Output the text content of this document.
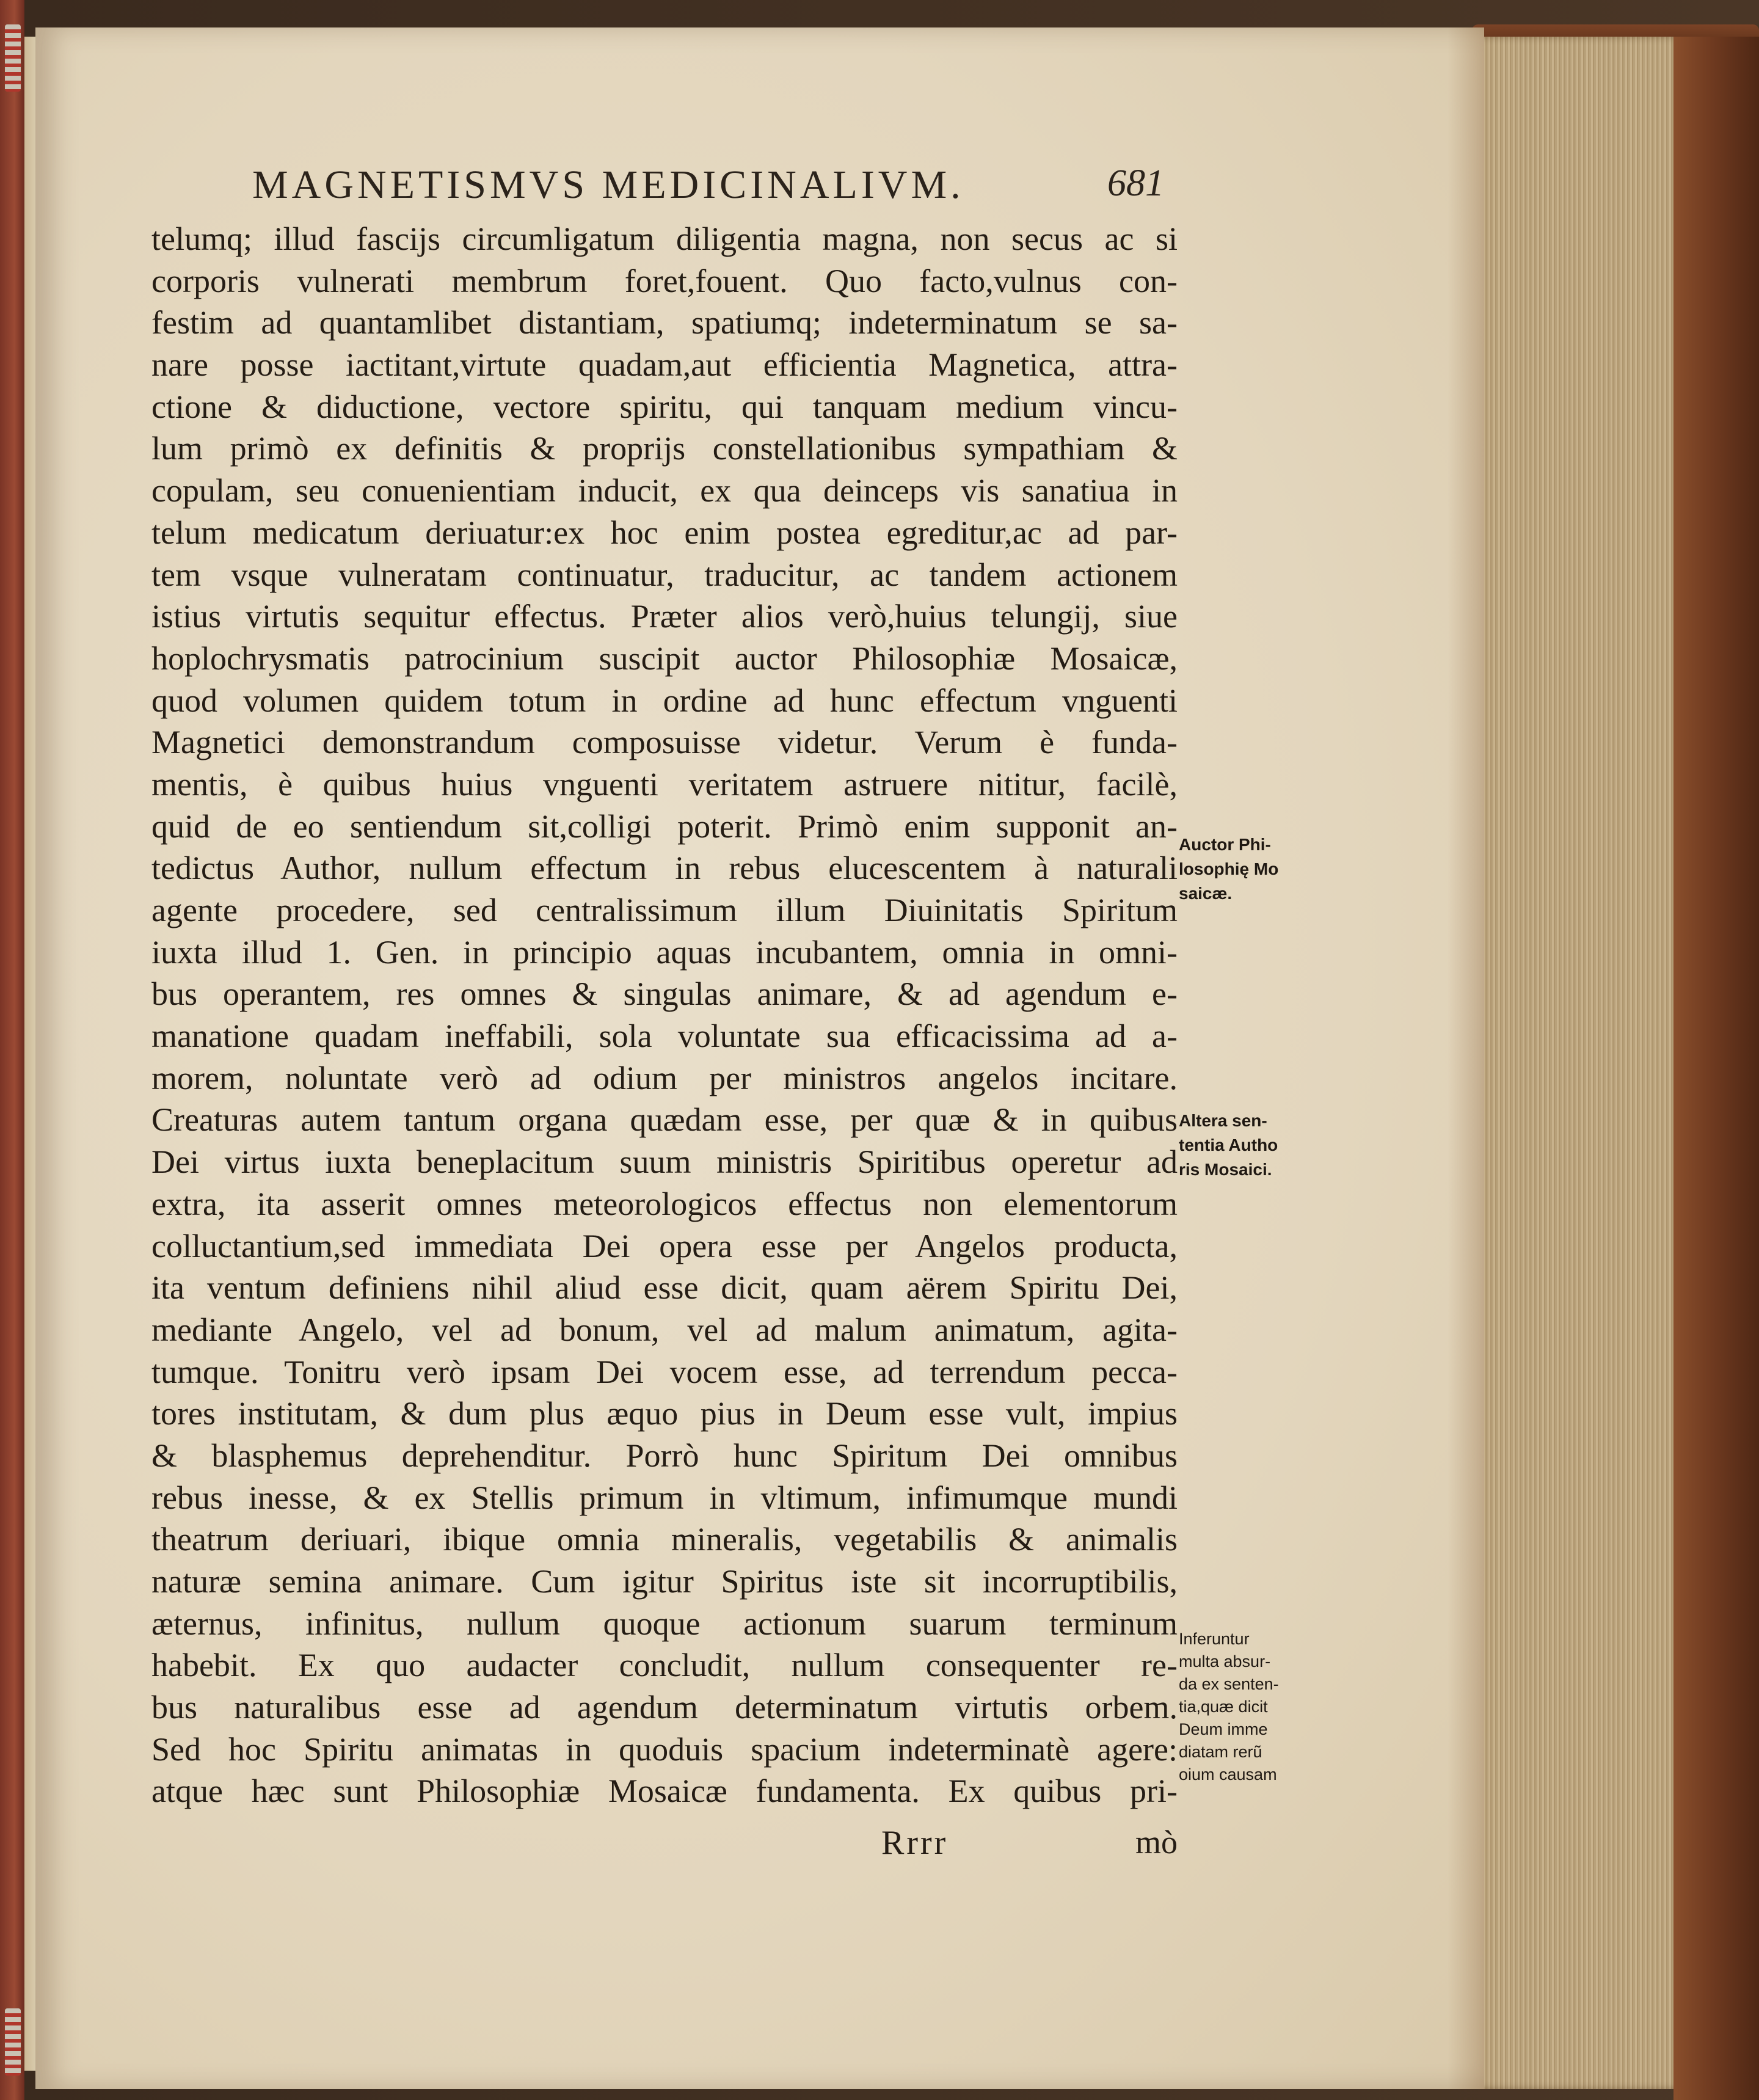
MAGNETISMVS MEDICINALIVM.	681
telumq; illud fascijs circumligatum diligentia magna, non secus ac si
corporis vulnerati membrum foret,fouent. Quo facto,vulnus con-
festim ad quantamlibet distantiam, spatiumq; indeterminatum se sa-
nare posse iactitant,virtute quadam,aut efficientia Magnetica, attra-
ctione & diductione, vectore spiritu, qui tanquam medium vincu-
lum primò ex definitis & proprijs constellationibus sympathiam &
copulam, seu conuenientiam inducit, ex qua deinceps vis sanatiua in
telum medicatum deriuatur:ex hoc enim postea egreditur,ac ad par-
tem vsque vulneratam continuatur, traducitur, ac tandem actionem
istius virtutis sequitur effectus. Præter alios verò,huius telungij, siue
hoplochrysmatis patrocinium suscipit auctor Philosophiæ Mosaicæ,
quod volumen quidem totum in ordine ad hunc effectum vnguenti
Magnetici demonstrandum composuisse videtur. Verum è funda-
mentis, è quibus huius vnguenti veritatem astruere nititur, facilè,
quid de eo sentiendum sit,colligi poterit. Primò enim supponit an-
tedictus Author, nullum effectum in rebus elucescentem à naturali
agente procedere, sed centralissimum illum Diuinitatis Spiritum
iuxta illud 1. Gen. in principio aquas incubantem, omnia in omni-
bus operantem, res omnes & singulas animare, & ad agendum e-
manatione quadam ineffabili, sola voluntate sua efficacissima ad a-
morem, noluntate verò ad odium per ministros angelos incitare.
Creaturas autem tantum organa quædam esse, per quæ & in quibus
Dei virtus iuxta beneplacitum suum ministris Spiritibus operetur ad
extra, ita asserit omnes meteorologicos effectus non elementorum
colluctantium,sed immediata Dei opera esse per Angelos producta,
ita ventum definiens nihil aliud esse dicit, quam aërem Spiritu Dei,
mediante Angelo, vel ad bonum, vel ad malum animatum, agita-
tumque. Tonitru verò ipsam Dei vocem esse, ad terrendum pecca-
tores institutam, & dum plus æquo pius in Deum esse vult, impius
& blasphemus deprehenditur. Porrò hunc Spiritum Dei omnibus
rebus inesse, & ex Stellis primum in vltimum, infimumque mundi
theatrum deriuari, ibique omnia mineralis, vegetabilis & animalis
naturæ semina animare. Cum igitur Spiritus iste sit incorruptibilis,
æternus, infinitus, nullum quoque actionum suarum terminum
habebit. Ex quo audacter concludit, nullum consequenter re-
bus naturalibus esse ad agendum determinatum virtutis orbem.
Sed hoc Spiritu animatas in quoduis spacium indeterminatè agere:
atque hæc sunt Philosophiæ Mosaicæ fundamenta. Ex quibus pri-
Rrrr	mò
Auctor Phi-
losophię Mo
saicæ.
Altera sen-
tentia Autho
ris Mosaici.
Inferuntur
multa absur-
da ex senten-
tia,quæ dicit
Deum imme
diatam rerũ
oium causam
